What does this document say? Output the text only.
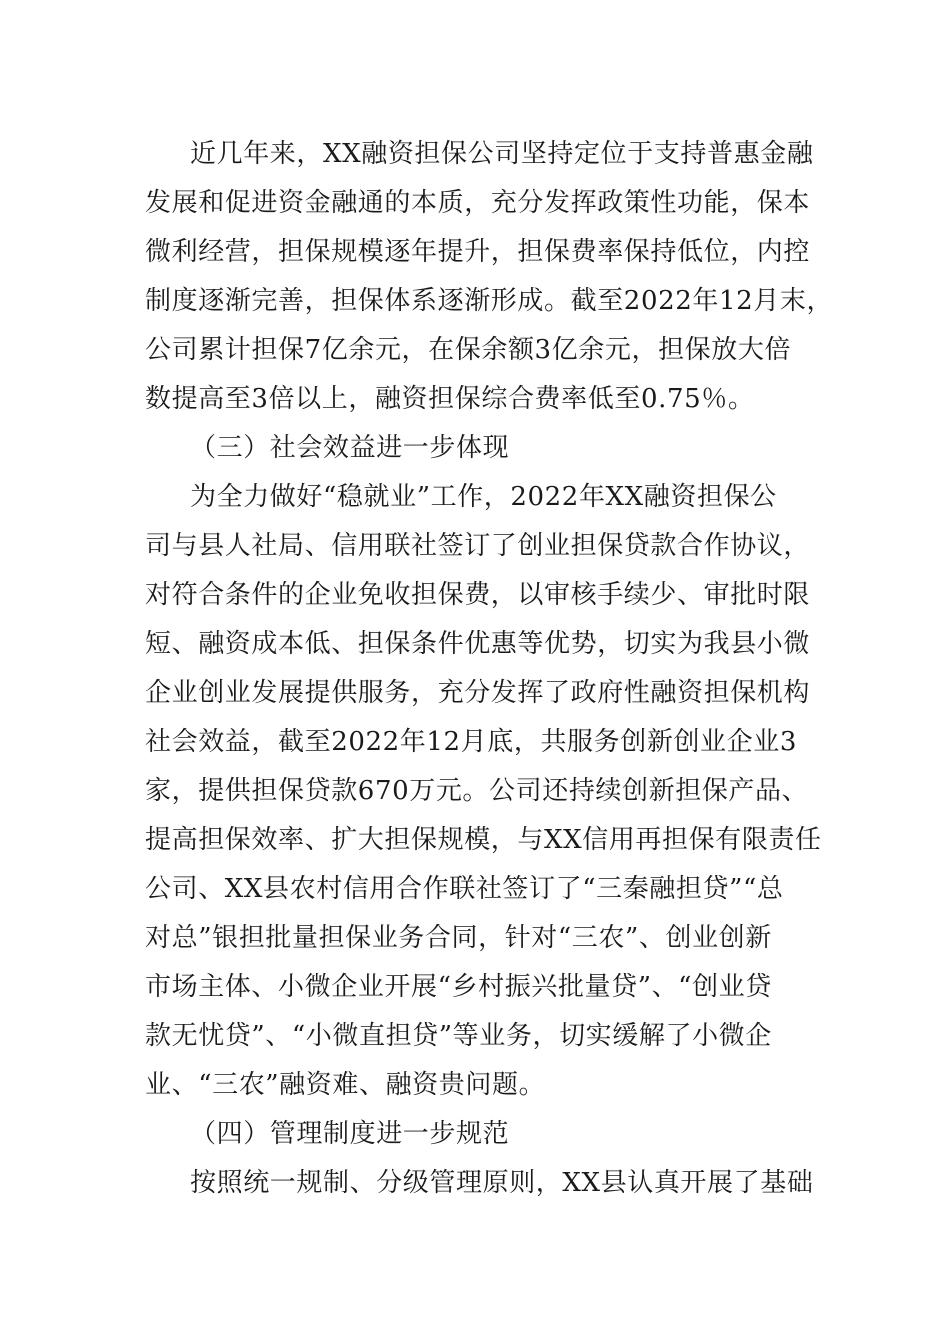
近几年来，XX融资担保公司坚持定位于支持普惠金融
发展和促进资金融通的本质，充分发挥政策性功能，保本
微利经营，担保规模逐年提升，担保费率保持低位，内控
制度逐渐完善，担保体系逐渐形成。截至2022年12月末，
公司累计担保7亿余元，在保余额3亿余元，担保放大倍
数提高至3倍以上，融资担保综合费率低至0.75％。
（三）社会效益进一步体现
为全力做好“稳就业”工作，2022年XX融资担保公
司与县人社局、信用联社签订了创业担保贷款合作协议，
对符合条件的企业免收担保费，以审核手续少、审批时限
短、融资成本低、担保条件优惠等优势，切实为我县小微
企业创业发展提供服务，充分发挥了政府性融资担保机构
社会效益，截至2022年12月底，共服务创新创业企业3
家，提供担保贷款670万元。公司还持续创新担保产品、
提高担保效率、扩大担保规模，与XX信用再担保有限责任
公司、XX县农村信用合作联社签订了“三秦融担贷”“总
对总”银担批量担保业务合同，针对“三农”、创业创新
市场主体、小微企业开展“乡村振兴批量贷”、“创业贷
款无忧贷”、“小微直担贷”等业务，切实缓解了小微企
业、“三农”融资难、融资贵问题。
（四）管理制度进一步规范
按照统一规制、分级管理原则，XX县认真开展了基础
